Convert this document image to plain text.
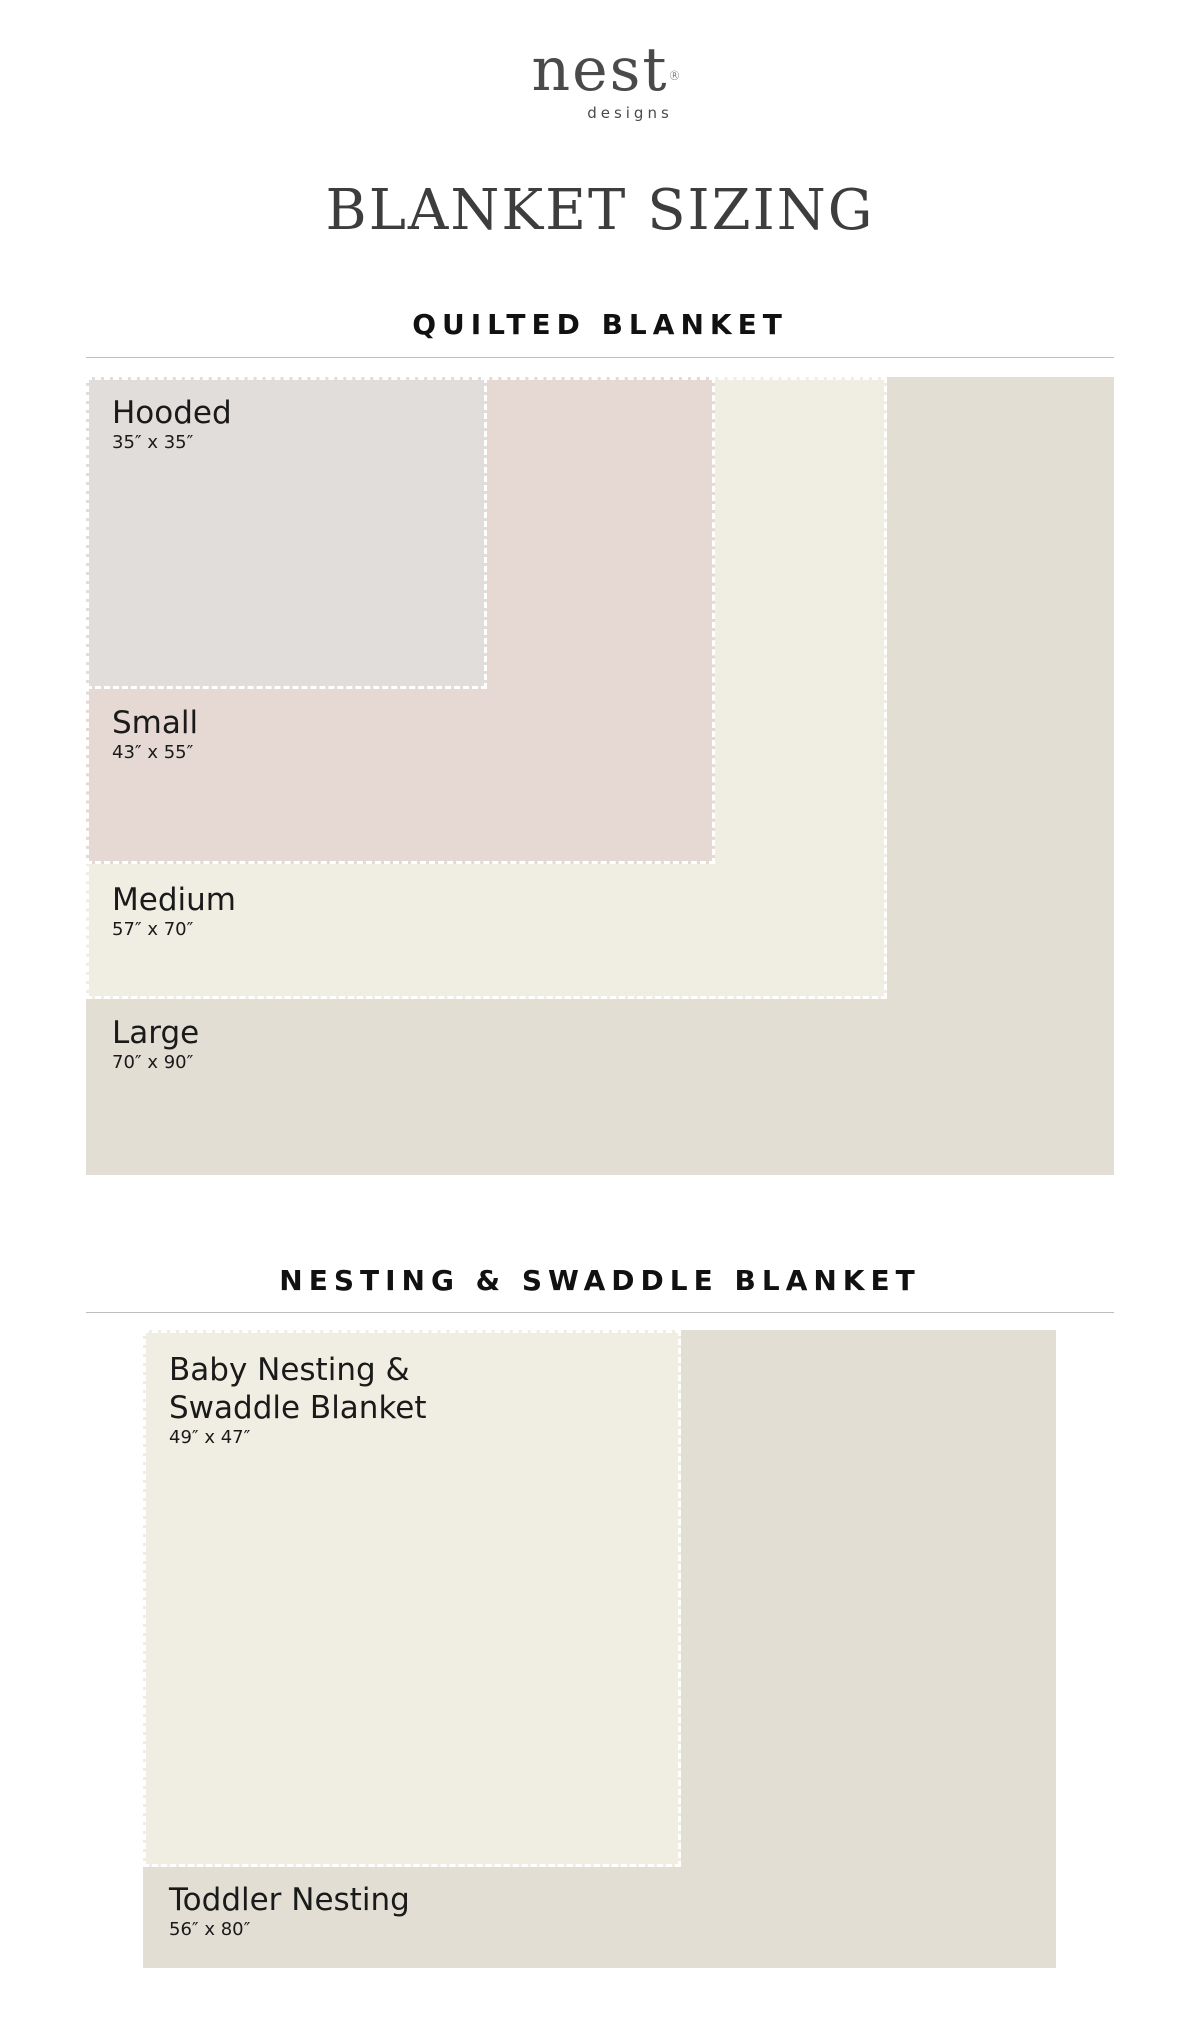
nest ®
designs
BLANKET SIZING
QUILTED BLANKET
Hooded
35″ x 35″
Small
43″ x 55″
Medium
57″ x 70″
Large
70″ x 90″
NESTING & SWADDLE BLANKET
Baby Nesting &
Swaddle Blanket
49″ x 47″
Toddler Nesting
56″ x 80″
